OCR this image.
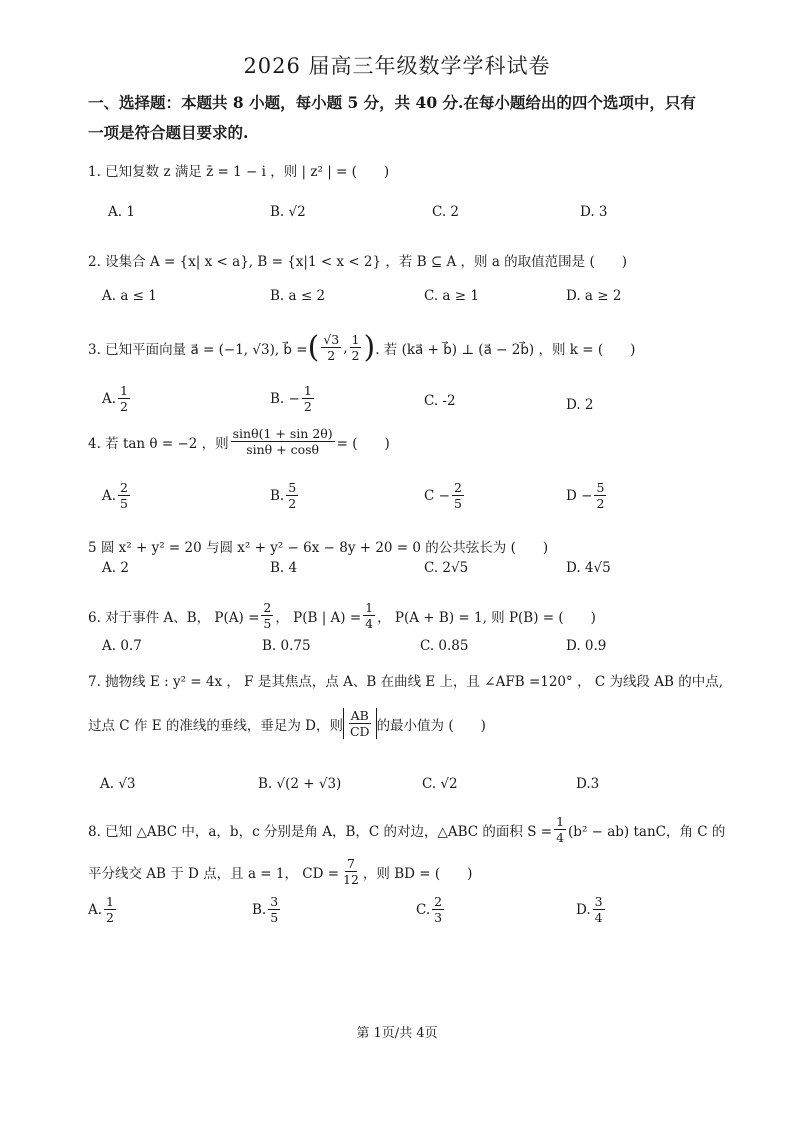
2026 届高三年级数学学科试卷
一、选择题：本题共 8 小题，每小题 5 分，共 40 分.在每小题给出的四个选项中，只有一项是符合题目要求的.
1. 已知复数 z 满足 z̄ = 1 − i ，则 | z² | = (　　)
A. 1	B. √2	C. 2	D. 3
2. 设集合 A = {x| x < a}, B = {x|1 < x < 2} ，若 B ⊆ A ，则 a 的取值范围是 (　　)
A. a ≤ 1	B. a ≤ 2	C. a ≥ 1	D. a ≥ 2
3. 已知平面向量 a⃗ = (−1, √3), b⃗ = ( $\frac{√3}{2}$ , $\frac{1}{2}$ ) . 若 (ka⃗ + b⃗) ⊥ (a⃗ − 2b⃗) ，则 k = (　　)
A. $\frac{1}{2}$	B. − $\frac{1}{2}$	C. -2	D. 2
4. 若 tan θ = −2 ，则 $\frac{\sin\theta(1 + \sin 2\theta)}{\sin\theta + \cos\theta}$ = (　　)
A. $\frac{2}{5}$	B. $\frac{5}{2}$	$C - \frac{2}{5}$	$D - \frac{5}{2}$
5 圆 x² + y² = 20 与圆 x² + y² − 6x − 8y + 20 = 0 的公共弦长为 (　　)
A. 2	B. 4	C. 2√5	D. 4√5
6. 对于事件 A、B， $P(A) = \frac{2}{5}$ ， P(B | $A) = \frac{1}{4}$ ， P(A + B) = 1, 则 P(B) = (　　)
A. 0.7	B. 0.75	C. 0.85	D. 0.9
7. 抛物线 E : y² = 4x ， F 是其焦点，点 A、B 在曲线 E 上，且 ∠AFB =120° ， C 为线段 AB 的中点,
过点 C 作 E 的准线的垂线，垂足为 D，则 $\frac{AB}{CD}$ 的最小值为 (　　)
A. √3	B. √(2 + √3)	C. √2	D.3
8. 已知 △ABC 中，a，b，c 分别是角 A，B，C 的对边，△ABC 的面积 $S = \frac{1}{4} (b^2 - ab)$ tanC，角 C 的
平分线交 AB 于 D 点，且 a = 1， CD = $\frac{7}{12}$ ，则 BD = (　　)
A. $\frac{1}{2}$	B. $\frac{3}{5}$	C. $\frac{2}{3}$	D. $\frac{3}{4}$
第 1页/共 4页
